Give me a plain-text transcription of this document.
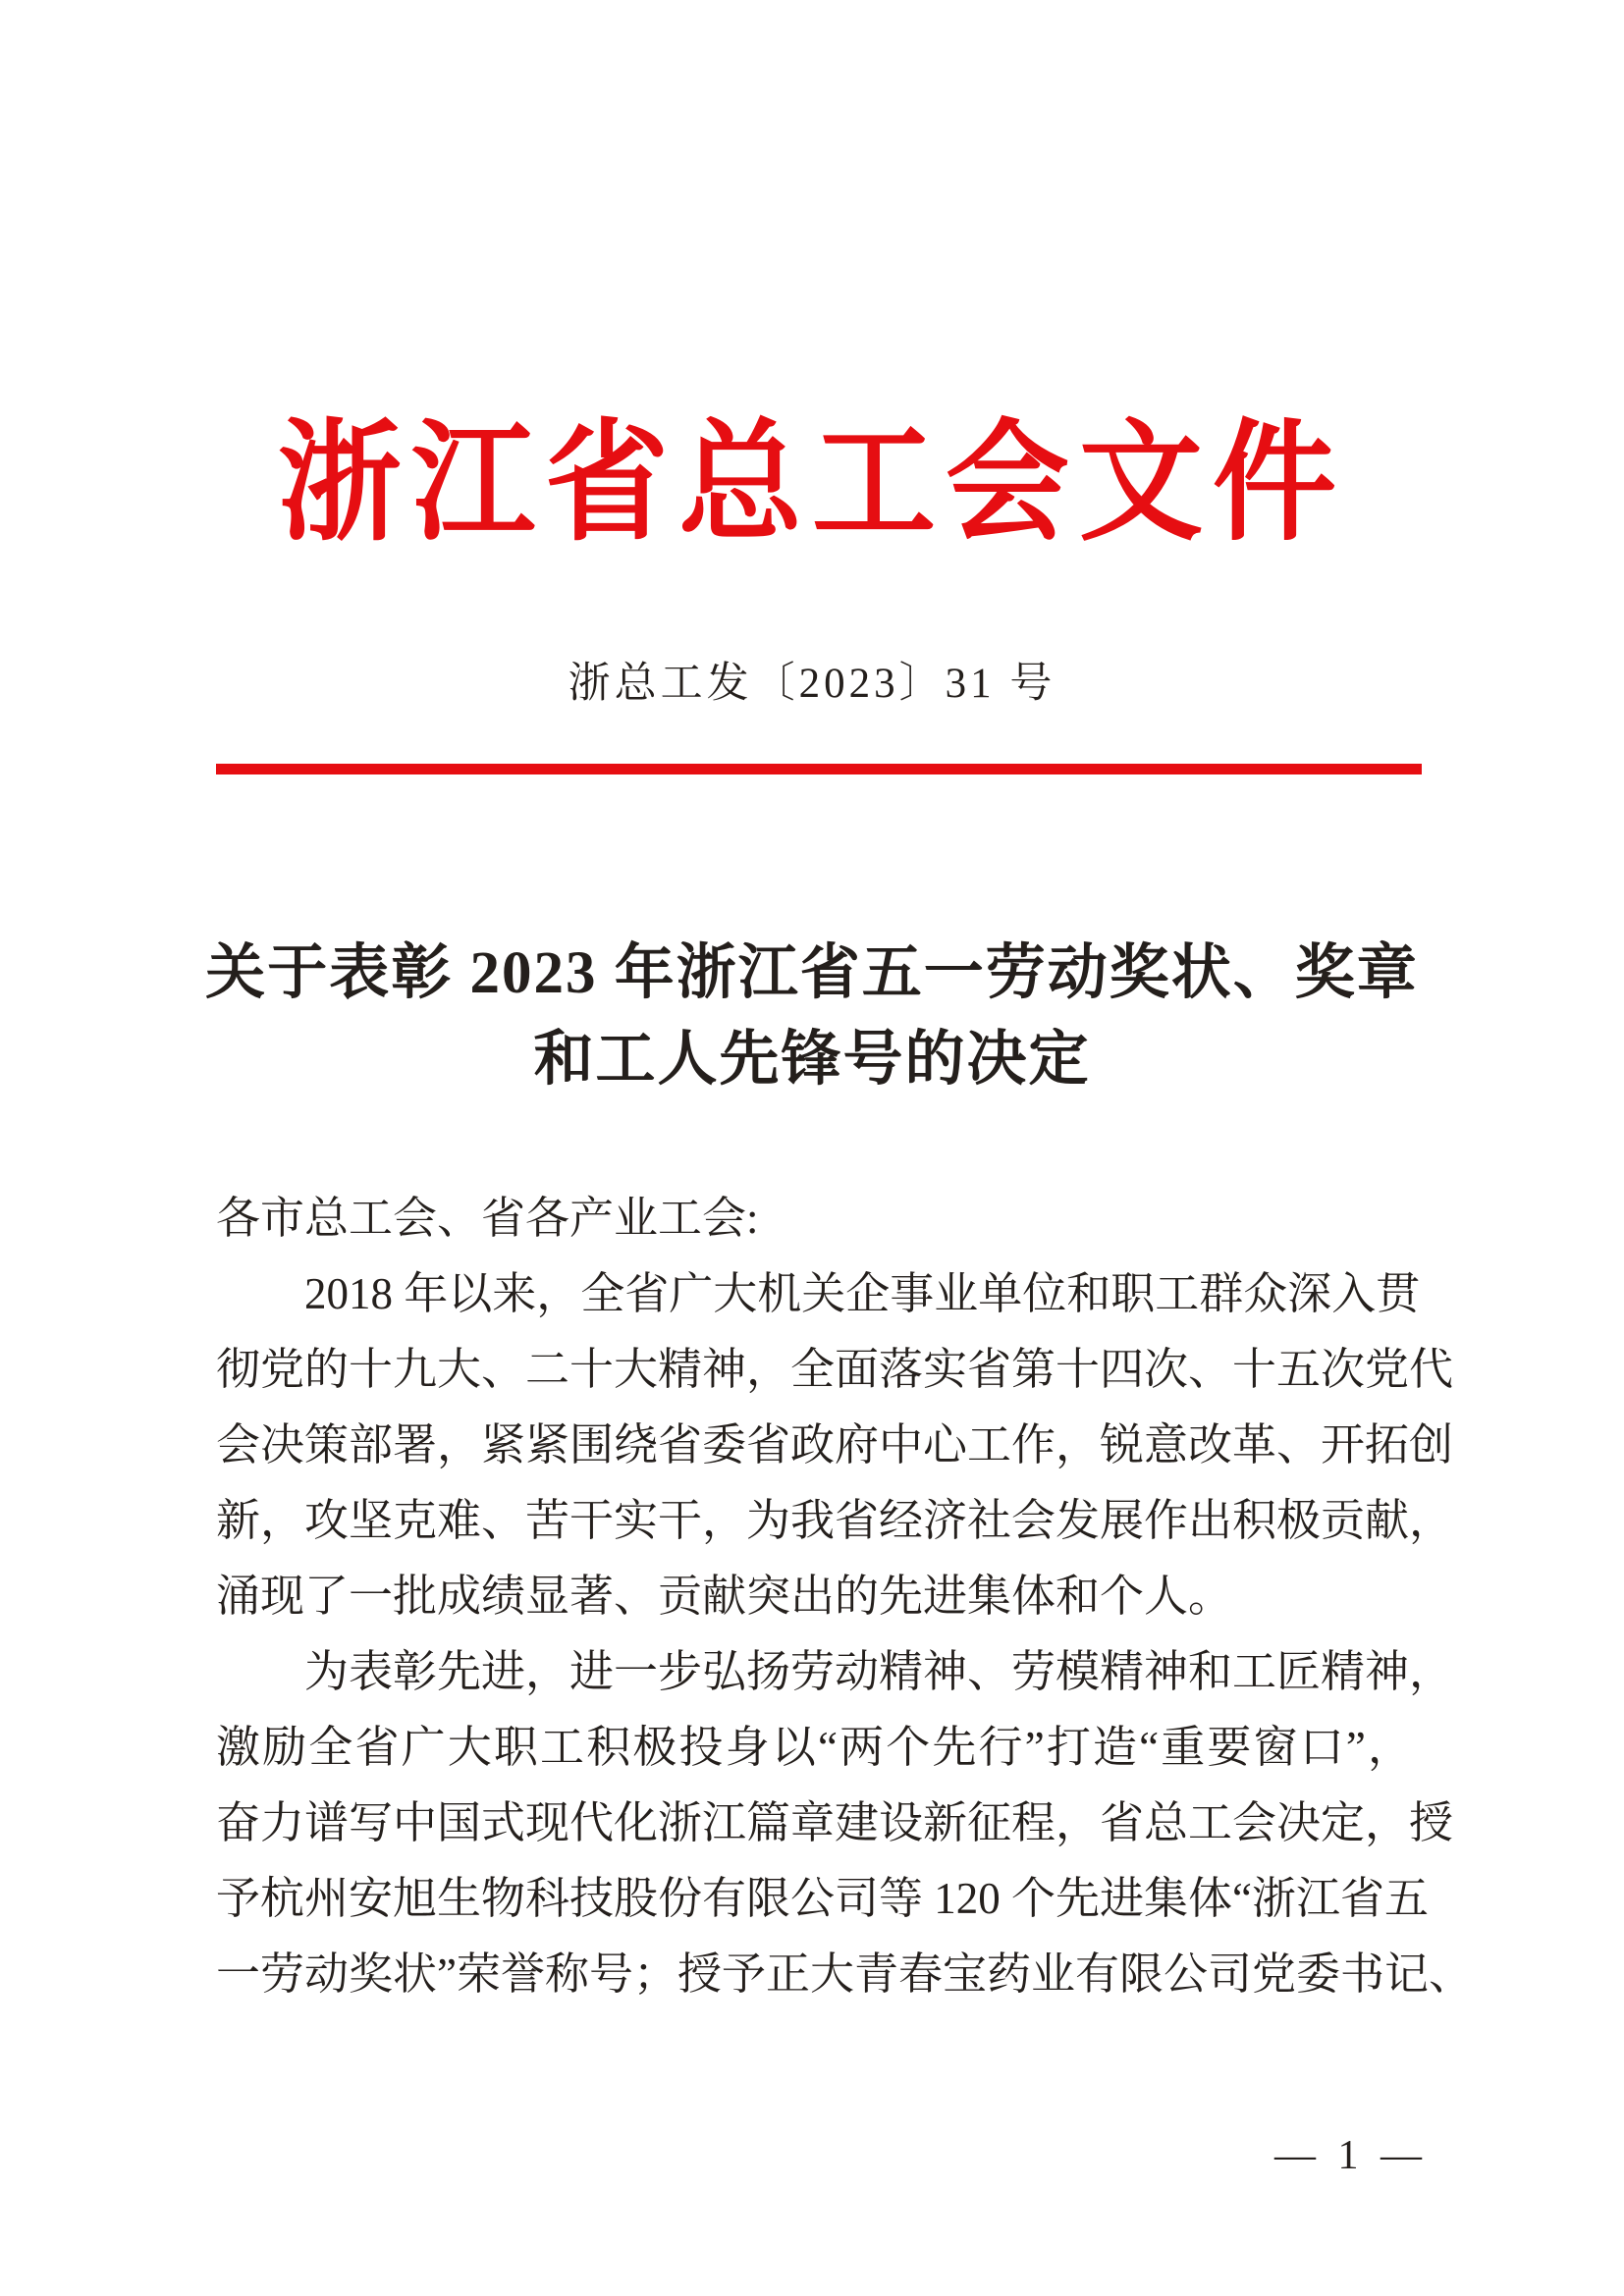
浙江省总工会文件
浙总工发〔2023〕31 号
关于表彰 2023 年浙江省五一劳动奖状、奖章
和工人先锋号的决定
各市总工会、省各产业工会:
2018 年以来，全省广大机关企事业单位和职工群众深入贯
彻党的十九大、二十大精神，全面落实省第十四次、十五次党代
会决策部署，紧紧围绕省委省政府中心工作，锐意改革、开拓创
新，攻坚克难、苦干实干，为我省经济社会发展作出积极贡献，
涌现了一批成绩显著、贡献突出的先进集体和个人。
为表彰先进，进一步弘扬劳动精神、劳模精神和工匠精神，
激励全省广大职工积极投身以“两个先行”打造“重要窗口”，
奋力谱写中国式现代化浙江篇章建设新征程，省总工会决定，授
予杭州安旭生物科技股份有限公司等 120 个先进集体“浙江省五
一劳动奖状”荣誉称号；授予正大青春宝药业有限公司党委书记、
— 1 —
